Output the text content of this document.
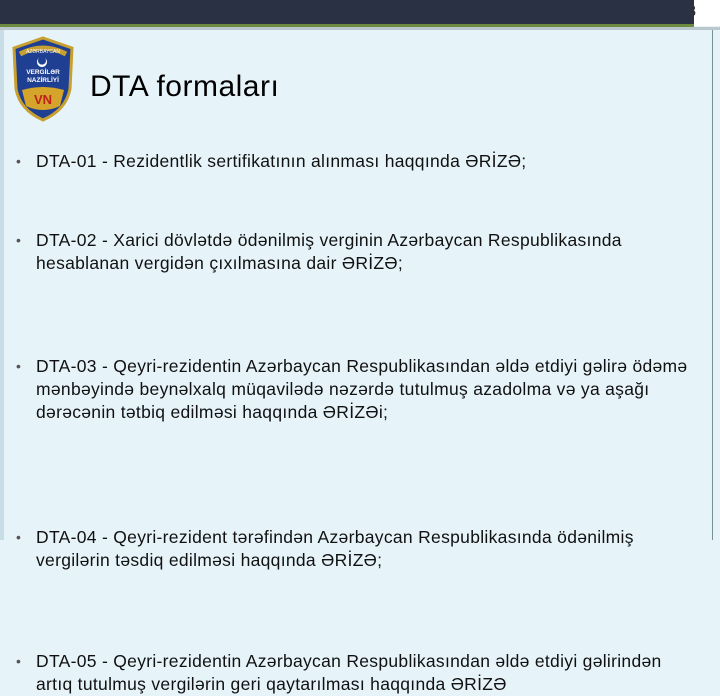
8
AZƏRBAYCAN
VERGİLƏR
NAZİRLİYİ
VN DTA formaları
• DTA-01 - Rezidentlik sertifikatının alınması haqqında ƏRİZƏ;
• DTA-02 - Xarici dövlətdə ödənilmiş verginin Azərbaycan Respublikasında hesablanan vergidən çıxılmasına dair ƏRİZƏ;
• DTA-03 - Qeyri-rezidentin Azərbaycan Respublikasından əldə etdiyi gəlirə ödəmə mənbəyində beynəlxalq müqavilədə nəzərdə tutulmuş azadolma və ya aşağı dərəcənin tətbiq edilməsi haqqında ƏRİZƏi;
• DTA-04 - Qeyri-rezident tərəfindən Azərbaycan Respublikasında ödənilmiş vergilərin təsdiq edilməsi haqqında ƏRİZƏ;
• DTA-05 - Qeyri-rezidentin Azərbaycan Respublikasından əldə etdiyi gəlirindən artıq tutulmuş vergilərin geri qaytarılması haqqında ƏRİZƏ
